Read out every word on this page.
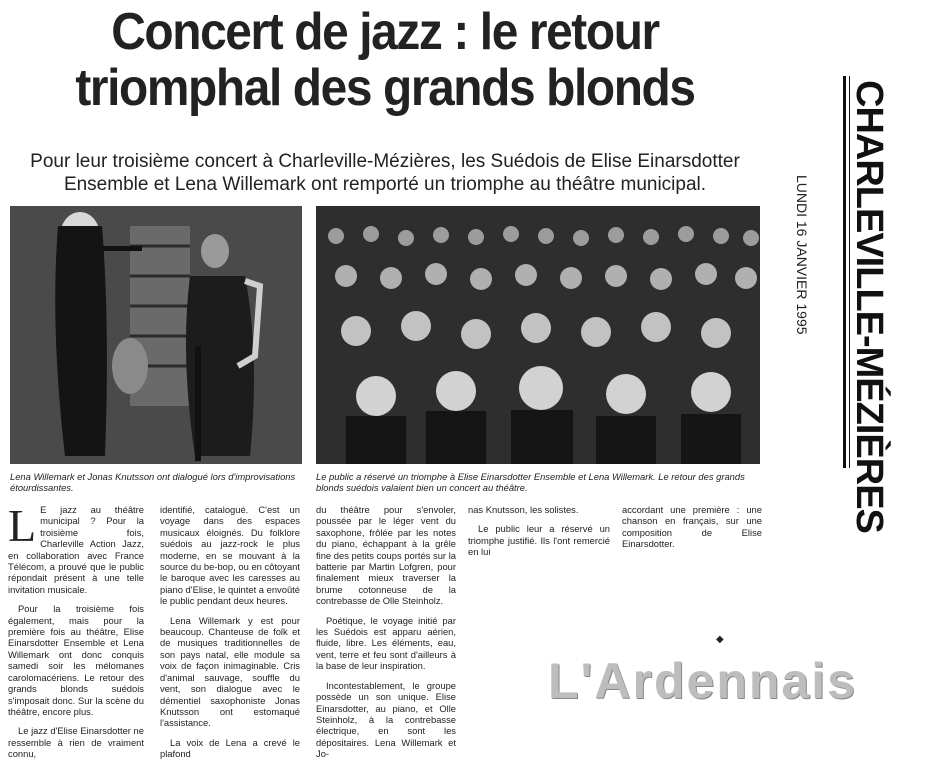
Concert de jazz : le retour
triomphal des grands blonds
Pour leur troisième concert à Charleville-Mézières, les Suédois de Elise Einarsdotter Ensemble et Lena Willemark ont remporté un triomphe au théâtre municipal.
Lena Willemark et Jonas Knutsson ont dialogué lors d'improvisations étourdissantes.
Le public a réservé un triomphe à Elise Einarsdotter Ensemble et Lena Willemark. Le retour des grands blonds suédois valaient bien un concert au théâtre.

L E jazz au théâtre municipal ? Pour la troisième fois, Charleville Action Jazz, en collaboration avec France Télécom, a prouvé que le public répondait présent à une telle invitation musicale.

Pour la troisième fois également, mais pour la première fois au théâtre, Elise Einarsdotter Ensemble et Lena Willemark ont donc conquis samedi soir les mélomanes carolomacériens. Le retour des grands blonds suédois s'imposait donc. Sur la scène du théâtre, encore plus.

Le jazz d'Elise Einarsdotter ne ressemble à rien de vraiment connu,

identifié, catalogué. C'est un voyage dans des espaces musicaux éloignés. Du folklore suédois au jazz-rock le plus moderne, en se mouvant à la source du be-bop, ou en côtoyant le baroque avec les caresses au piano d'Elise, le quintet a envoûté le public pendant deux heures.

Lena Willemark y est pour beaucoup. Chanteuse de folk et de musiques traditionnelles de son pays natal, elle module sa voix de façon inimaginable. Cris d'animal sauvage, souffle du vent, son dialogue avec le démentiel saxophoniste Jonas Knutsson ont estomaqué l'assistance.

La voix de Lena a crevé le plafond

du théâtre pour s'envoler, poussée par le léger vent du saxophone, frôlée par les notes du piano, échappant à la grêle fine des petits coups portés sur la batterie par Martin Lofgren, pour finalement mieux traverser la brume cotonneuse de la contrebasse de Olle Steinholz.

Poétique, le voyage initié par les Suédois est apparu aérien, fluide, libre. Les éléments, eau, vent, terre et feu sont d'ailleurs à la base de leur inspiration.

Incontestablement, le groupe possède un son unique. Elise Einarsdotter, au piano, et Olle Steinholz, à la contrebasse électrique, en sont les dépositaires. Lena Willemark et Jo-

nas Knutsson, les solistes.

Le public leur a réservé un triomphe justifié. Ils l'ont remercié en lui

accordant une première : une chanson en français, sur une composition de Elise Einarsdotter.

◆
L'Ardennais
CHARLEVILLE-MÉZIÈRES
LUNDI 16 JANVIER 1995
